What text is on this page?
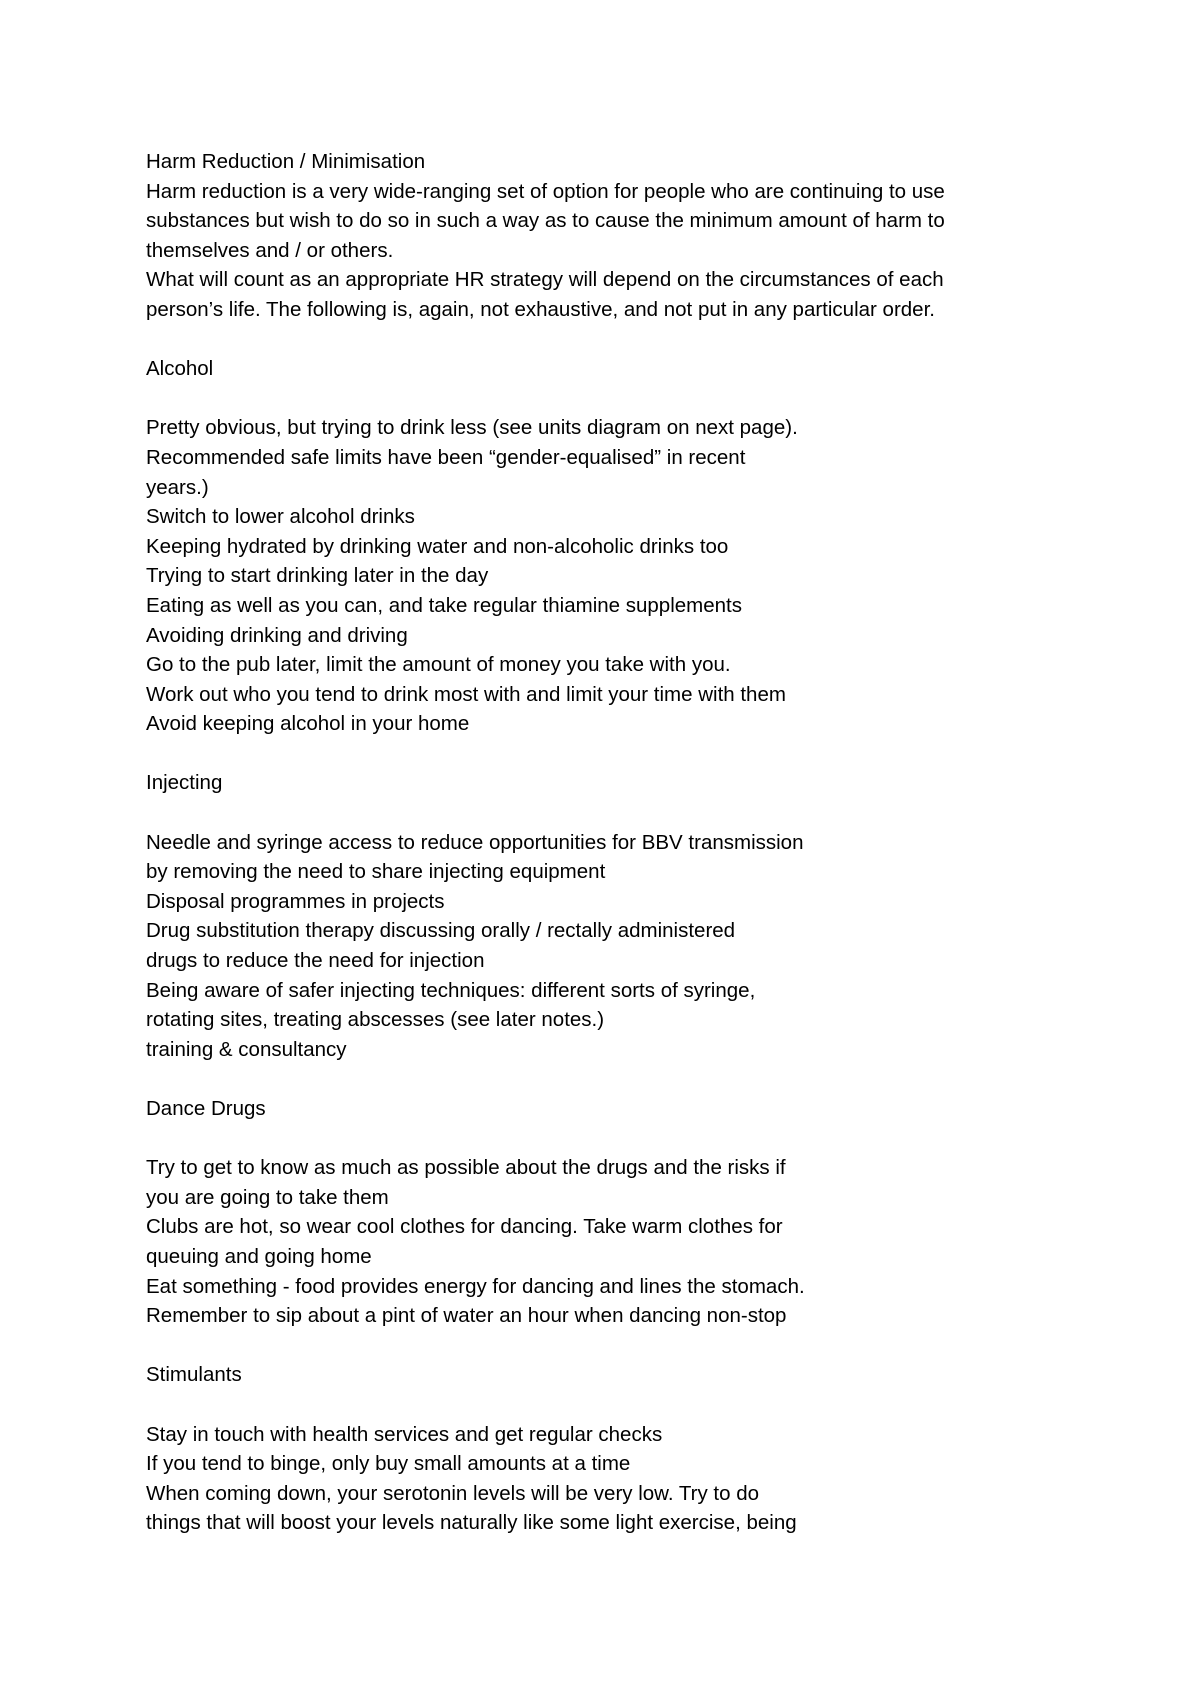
Harm Reduction / Minimisation
Harm reduction is a very wide-ranging set of option for people who are continuing to use
substances but wish to do so in such a way as to cause the minimum amount of harm to
themselves and / or others.
What will count as an appropriate HR strategy will depend on the circumstances of each
person’s life. The following is, again, not exhaustive, and not put in any particular order.
Alcohol
Pretty obvious, but trying to drink less (see units diagram on next page).
Recommended safe limits have been “gender-equalised” in recent
years.)
Switch to lower alcohol drinks
Keeping hydrated by drinking water and non-alcoholic drinks too
Trying to start drinking later in the day
Eating as well as you can, and take regular thiamine supplements
Avoiding drinking and driving
Go to the pub later, limit the amount of money you take with you.
Work out who you tend to drink most with and limit your time with them
Avoid keeping alcohol in your home
Injecting
Needle and syringe access to reduce opportunities for BBV transmission
by removing the need to share injecting equipment
Disposal programmes in projects
Drug substitution therapy discussing orally / rectally administered
drugs to reduce the need for injection
Being aware of safer injecting techniques: different sorts of syringe,
rotating sites, treating abscesses (see later notes.)
training & consultancy
Dance Drugs
Try to get to know as much as possible about the drugs and the risks if
you are going to take them
Clubs are hot, so wear cool clothes for dancing. Take warm clothes for
queuing and going home
Eat something - food provides energy for dancing and lines the stomach.
Remember to sip about a pint of water an hour when dancing non-stop
Stimulants
Stay in touch with health services and get regular checks
If you tend to binge, only buy small amounts at a time
When coming down, your serotonin levels will be very low. Try to do
things that will boost your levels naturally like some light exercise, being
